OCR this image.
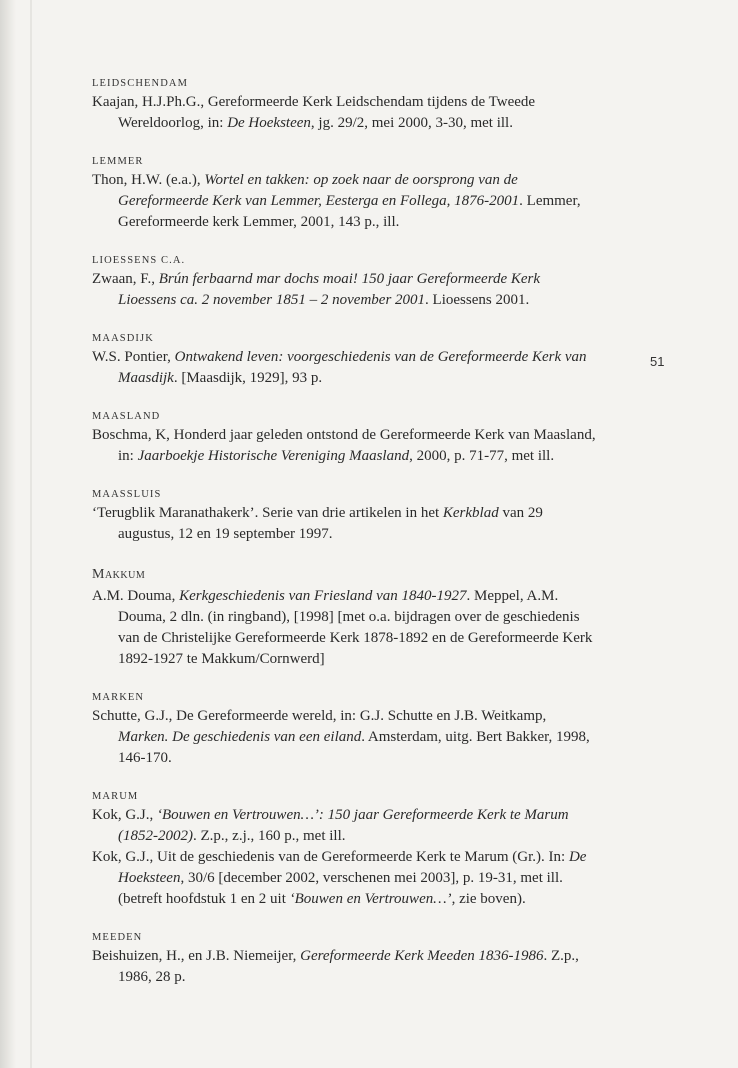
LEIDSCHENDAM
Kaajan, H.J.Ph.G., Gereformeerde Kerk Leidschendam tijdens de Tweede Wereldoorlog, in: De Hoeksteen, jg. 29/2, mei 2000, 3-30, met ill.
LEMMER
Thon, H.W. (e.a.), Wortel en takken: op zoek naar de oorsprong van de Gereformeerde Kerk van Lemmer, Eesterga en Follega, 1876-2001. Lemmer, Gereformeerde kerk Lemmer, 2001, 143 p., ill.
LIOESSENS C.A.
Zwaan, F., Brún ferbaarnd mar dochs moai! 150 jaar Gereformeerde Kerk Lioessens ca. 2 november 1851 – 2 november 2001. Lioessens 2001.
MAASDIJK
W.S. Pontier, Ontwakend leven: voorgeschiedenis van de Gereformeerde Kerk van Maasdijk. [Maasdijk, 1929], 93 p.
MAASLAND
Boschma, K, Honderd jaar geleden ontstond de Gereformeerde Kerk van Maasland, in: Jaarboekje Historische Vereniging Maasland, 2000, p. 71-77, met ill.
MAASSLUIS
‘Terugblik Maranathakerk’. Serie van drie artikelen in het Kerkblad van 29 augustus, 12 en 19 september 1997.
Makkum
A.M. Douma, Kerkgeschiedenis van Friesland van 1840-1927. Meppel, A.M. Douma, 2 dln. (in ringband), [1998] [met o.a. bijdragen over de geschiedenis van de Christelijke Gereformeerde Kerk 1878-1892 en de Gereformeerde Kerk 1892-1927 te Makkum/Cornwerd]
MARKEN
Schutte, G.J., De Gereformeerde wereld, in: G.J. Schutte en J.B. Weitkamp, Marken. De geschiedenis van een eiland. Amsterdam, uitg. Bert Bakker, 1998, 146-170.
MARUM
Kok, G.J., ‘Bouwen en Vertrouwen…’: 150 jaar Gereformeerde Kerk te Marum (1852-2002). Z.p., z.j., 160 p., met ill.
Kok, G.J., Uit de geschiedenis van de Gereformeerde Kerk te Marum (Gr.). In: De Hoeksteen, 30/6 [december 2002, verschenen mei 2003], p. 19-31, met ill. (betreft hoofdstuk 1 en 2 uit ‘Bouwen en Vertrouwen…’, zie boven).
MEEDEN
Beishuizen, H., en J.B. Niemeijer, Gereformeerde Kerk Meeden 1836-1986. Z.p., 1986, 28 p.
51
